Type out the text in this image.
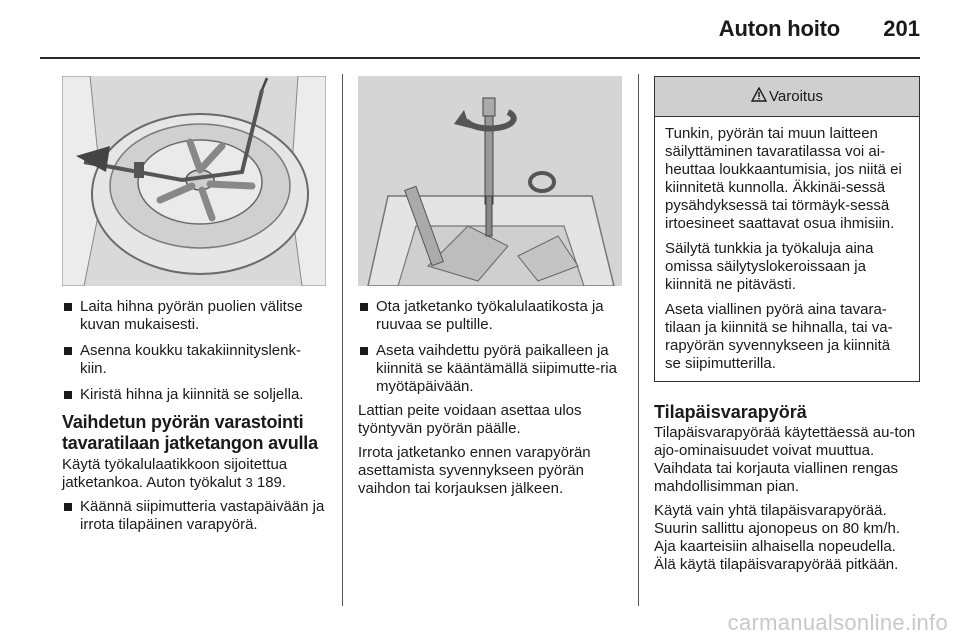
Auton hoito 201
Laita hihna pyörän puolien välitse kuvan mukaisesti.
Asenna koukku takakiinnityslenk-kiin.
Kiristä hihna ja kiinnitä se soljella.
Vaihdetun pyörän varastointi tavaratilaan jatketangon avulla
Käytä työkalulaatikkoon sijoitettua jatketankoa. Auton työkalut 3 189.
Käännä siipimutteria vastapäivään ja irrota tilapäinen varapyörä.
Ota jatketanko työkalulaatikosta ja ruuvaa se pultille.
Aseta vaihdettu pyörä paikalleen ja kiinnitä se kääntämällä siipimutte-ria myötäpäivään.
Lattian peite voidaan asettaa ulos työntyvän pyörän päälle.
Irrota jatketanko ennen varapyörän asettamista syvennykseen pyörän vaihdon tai korjauksen jälkeen.
Varoitus

Tunkin, pyörän tai muun laitteen säilyttäminen tavaratilassa voi ai-heuttaa loukkaantumisia, jos niitä ei kiinnitetä kunnolla. Äkkinäi-sessä pysähdyksessä tai törmäyk-sessä irtoesineet saattavat osua ihmisiin.

Säilytä tunkkia ja työkaluja aina omissa säilytyslokeroissaan ja kiinnitä ne pitävästi.

Aseta viallinen pyörä aina tavara-tilaan ja kiinnitä se hihnalla, tai va-rapyörän syvennykseen ja kiinnitä se siipimutterilla.

Tilapäisvarapyörä
Tilapäisvarapyörää käytettäessä au-ton ajo-ominaisuudet voivat muuttua. Vaihdata tai korjauta viallinen rengas mahdollisimman pian.
Käytä vain yhtä tilapäisvarapyörää. Suurin sallittu ajonopeus on 80 km/h. Aja kaarteisiin alhaisella nopeudella. Älä käytä tilapäisvarapyörää pitkään.
carmanualsonline.info
